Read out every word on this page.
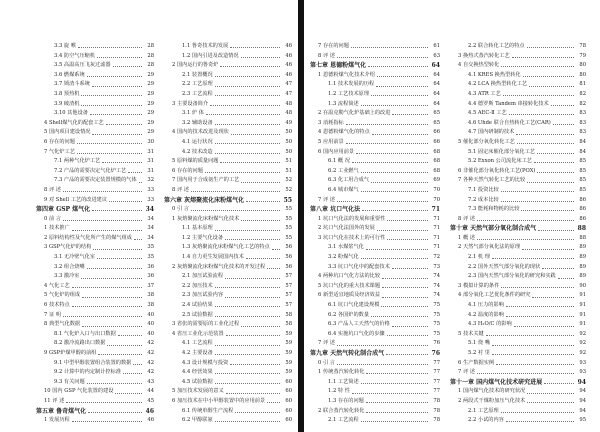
3.3 旋 喉	28
3.4 防空气压缩机	28
3.5 高温高压飞灰过滤器	28
3.6 燃煤系统	29
3.7 锁渣斗系统	29
3.8 预热机	29
3.9 破渣机	29
3.10 其他设备	29
4 Shell煤气化的配套工艺	29
5 国内项目建设情况	29
6 存在的问题	30
7 气化炉工艺	31
7.1 两种气化炉工艺	31
7.2 产品的需要决定气化炉工艺	31
7.3 产品的需要决定装置规模的气体	32
8 评 述	33
9 对 Shell 工艺的改进建议	33
第四章 GSP 煤气化	34
0 前 言	34
1 技术推广	34
2 原料结构性及气化所产生的煤气组成	34
3 GSP气化炉的结构	35
3.1 无冷壁气化室	35
3.2 组合烧嘴	36
3.3 激冷室	36
4 气化工艺	37
5 气化炉的组成	38
6 技术特点	38
7 证 明	40
8 典型气化数据	40
8.1 气化炉入口与出口数据	40
8.2 激冷流路出口数据	42
9 GSP炉煤甲醇的前组	42
9.1 中型甲醇装置组合装置的数据	42
9.2 计算中的内定制计控标准	42
9.3 有关问题	43
10 国内 GSP 气化装置的建设	44
11 评 述	45
第五章 鲁奇煤气化	46
1 发展历程	46
1.1 鲁奇技术的发展	46
1.2 国内引进及改造情况	46
2 国内运行的鲁奇炉	46
2.1 装置概况	46
2.2 工艺原理	47
2.3 工艺流程	47
3 主要设备简介	48
3.1 炉 体	48
3.2 辅助设备	49
4 国内的技术改进及现状	50
4.1 运行状况	50
4.2 技术改造	50
5 原料煤的质量问题	51
6 存在的问题	51
7 国内用于合成氨生产的工艺	52
8 评 述	52
第六章 灰熔聚流化床粉煤气化	55
0 引 言	55
1 灰熔聚流化床粉煤气化技术	55
1.1 基本原理	55
1.2 主要气化设备	55
1.3 灰熔聚流化床粉煤气化工艺的特点	56
1.4 自力更生发展国内技术	56
2 灰熔聚流化床粉煤气化技术的开发过程	56
2.1 加压试验流程	57
2.2 加压技术	57
2.3 加压试验内容	57
2.4 试验结果	57
2.5 试验数据	58
3 省张的需要原的工业化过程	58
4 省压工业化示范装置	59
4.1 工艺流程	59
4.2 主要设备	59
4.3 设计规模与投资	59
4.4 经营效果	59
4.5 试验数据	60
5 加压技术发展的意义	60
6 加压技术在中小甲醇装置中的应用前景	60
6.1 传统单醇生产流程	60
6.2 甲醇联氨	60
7 存在的问题	61
8 评 述	63
第七章 恩德粉煤气化	64
1 恩德粉煤气化技术介绍	64
1.1 技术发展的历程	64
1.2 工艺技术原理	64
1.3 流程简述	64
2 在温克勒气化炉基础上的改进	65
3 消耗指标	65
4 恩德粉煤气化的特点	66
5 应用前景	66
6 国内应用前景	68
6.1 概 况	68
6.2 工业燃气	68
6.3 化工用合成气	69
6.4 城市煤气	70
7 评 述	70
第八章 坑口气化法	71
1 坑口气化法的发展和重要性	71
2 坑口气化法国外的发展	71
3 坑口气化在技术上的可行性	71
3.1 水煤浆气化	71
3.2 粉煤气化	72
3.3 坑口气化中的配套技术	73
4 两种坑口气化方法的比较	74
5 坑口气化的重大技术课题	74
6 新型适宜地质及经济效益	74
6.1 坑口气化建设规模	75
6.2 各国炉的数量	75
6.3 产品人工天然气的价格	75
6.4 实施坑口气化的步骤	75
7 评 述	76
第九章 天然气转化制合成气	76
0 引 言	77
1 传统蒸汽转化转化	77
1.1 工艺简述	77
1.2 特 性	77
1.3 存在的问题	78
2 联合蒸汽转化转化	78
2.1 工艺流程	78
2.2 联合转化工艺的特点	78
3 换热式蒸汽转化工艺	79
4 自交换热型转化	80
4.1 KRES 换热型转化	80
4.2 LCA 换热型转化工艺	81
4.3 ATR 工艺	82
4.4 德罗斯 Tandem 串接转化技术	82
4.5 AEC-Ⅱ 工艺	83
4.6 Uhde 联合自热转化工艺(CAR)	83
4.7 国内研制的技术	83
5 催化部分氧化转化工艺	84
5.1 固定床催化部分氧化工艺	84
5.2 Exxon 公司流化床工艺	85
6 非催化部分氧化转化工艺(POX)	85
7 各种天然气转化工艺的比较	85
7.1 投资比较	85
7.2 成本比较	86
7.3 能耗和物耗的比较	86
8 评 述	86
第十章 天然气部分氧化制合成气	88
1 概 述	88
2 天然气部分氧化法的原理	89
2.1 机 理	89
2.2 国外天然气部分氧化的现状	89
2.3 国内天然气部分氧化的研究和实践	89
3 模拟计算的条件	90
4 部分氧化工艺优化条件的研究	91
4.1 压力的影响	91
4.2 温度的影响	91
4.3 H₂O/C 的影响	91
5 技术关键	92
5.1 烧 嘴	92
5.2 衬 里	92
6 生产数据实例	93
7 评 述	93
第十一章 国内煤气化技术研究进展	94
1 国内煤气化技术的研究状况	94
2 两段式干煤粉加压气化技术	94
2.1 工艺原理	94
2.2 小试的内容	95
